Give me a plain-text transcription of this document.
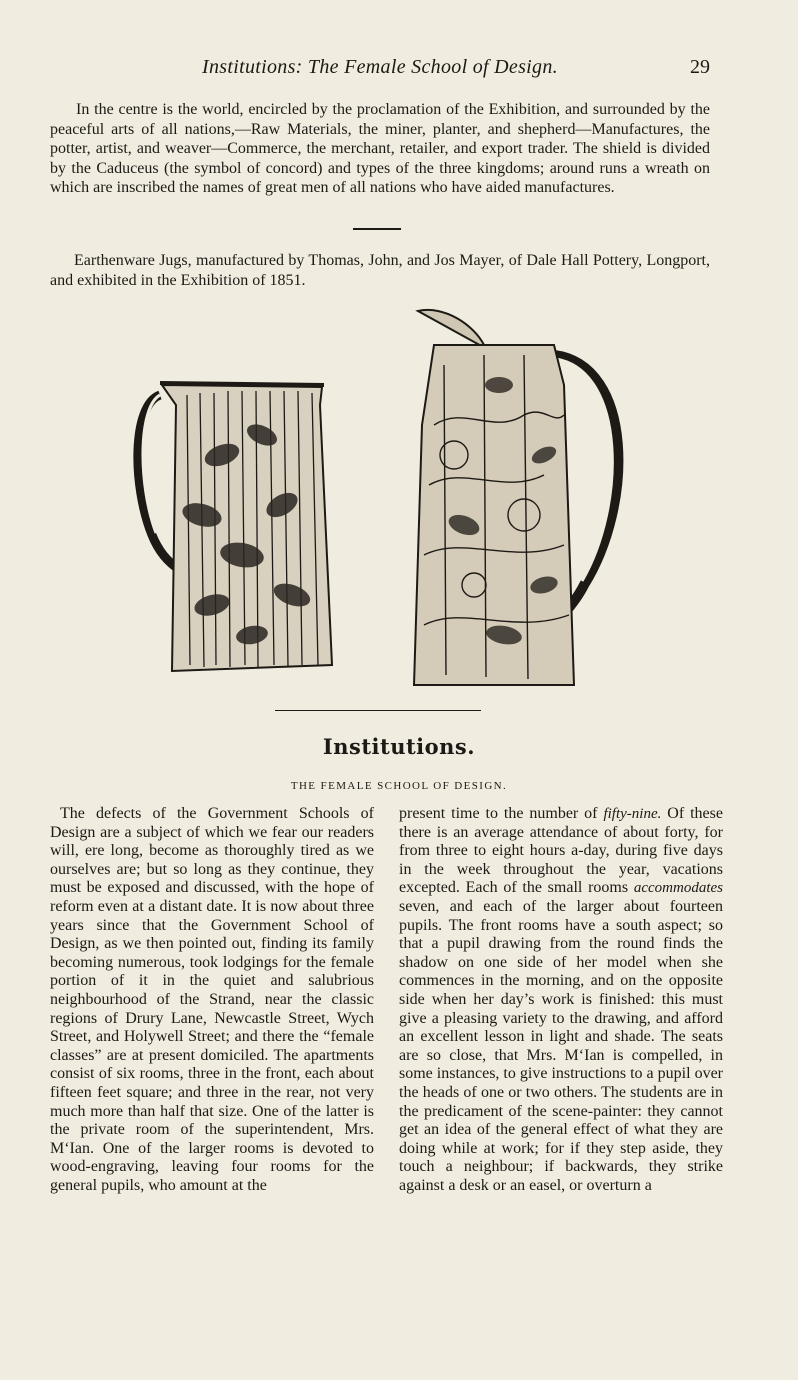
Institutions: The Female School of Design.	29

In the centre is the world, encircled by the proclamation of the Exhibition, and surrounded by the peaceful arts of all nations,—Raw Materials, the miner, planter, and shepherd—Manufactures, the potter, artist, and weaver—Commerce, the merchant, retailer, and export trader. The shield is divided by the Caduceus (the symbol of concord) and types of the three kingdoms; around runs a wreath on which are inscribed the names of great men of all nations who have aided manufactures.

Earthenware Jugs, manufactured by Thomas, John, and Jos Mayer, of Dale Hall Pottery, Longport, and exhibited in the Exhibition of 1851.

Institutions.
THE FEMALE SCHOOL OF DESIGN.

The defects of the Government Schools of Design are a subject of which we fear our readers will, ere long, become as thoroughly tired as we ourselves are; but so long as they continue, they must be exposed and discussed, with the hope of reform even at a distant date. It is now about three years since that the Government School of Design, as we then pointed out, finding its family becoming numerous, took lodgings for the female portion of it in the quiet and salubrious neighbourhood of the Strand, near the classic regions of Drury Lane, Newcastle Street, Wych Street, and Holywell Street; and there the “female classes” are at present domiciled. The apartments consist of six rooms, three in the front, each about fifteen feet square; and three in the rear, not very much more than half that size. One of the latter is the private room of the superintendent, Mrs. M‘Ian. One of the larger rooms is devoted to wood-engraving, leaving four rooms for the general pupils, who amount at the

present time to the number of fifty-nine. Of these there is an average attendance of about forty, for from three to eight hours a-day, during five days in the week throughout the year, vacations excepted. Each of the small rooms accommodates seven, and each of the larger about fourteen pupils. The front rooms have a south aspect; so that a pupil drawing from the round finds the shadow on one side of her model when she commences in the morning, and on the opposite side when her day’s work is finished: this must give a pleasing variety to the drawing, and afford an excellent lesson in light and shade. The seats are so close, that Mrs. M‘Ian is compelled, in some instances, to give instructions to a pupil over the heads of one or two others. The students are in the predicament of the scene-painter: they cannot get an idea of the general effect of what they are doing while at work; for if they step aside, they touch a neighbour; if backwards, they strike against a desk or an easel, or overturn a
